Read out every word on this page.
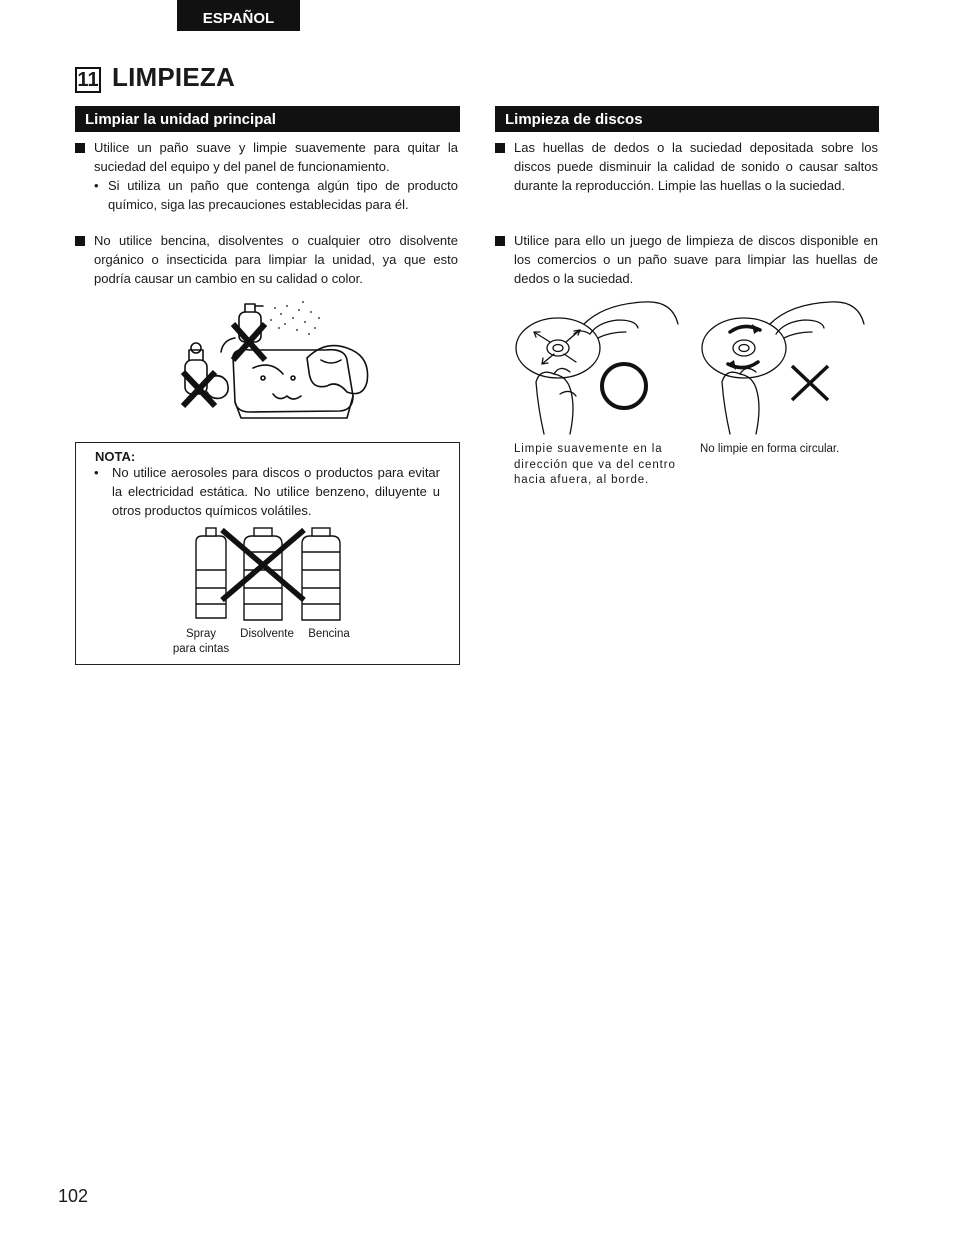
ESPAÑOL
11 LIMPIEZA
Limpiar la unidad principal
Utilice un paño suave y limpie suavemente para quitar la suciedad del equipo y del panel de funcionamiento.
• Si utiliza un paño que contenga algún tipo de producto químico, siga las precauciones establecidas para él.
No utilice bencina, disolventes o cualquier otro disolvente orgánico o insecticida para limpiar la unidad, ya que esto podría causar un cambio en su calidad o color.
NOTA:
• No utilice aerosoles para discos o productos para evitar la electricidad estática. No utilice benzeno, diluyente u otros productos químicos volátiles.
Spray
para cintas
Disolvente	Bencina
Limpieza de discos
Las huellas de dedos o la suciedad depositada sobre los discos puede disminuir la calidad de sonido o causar saltos durante la reproducción. Limpie las huellas o la suciedad.
Utilice para ello un juego de limpieza de discos disponible en los comercios o un paño suave para limpiar las huellas de dedos o la suciedad.
Limpie suavemente en la dirección que va del centro hacia afuera, al borde.
No limpie en forma circular.
102
